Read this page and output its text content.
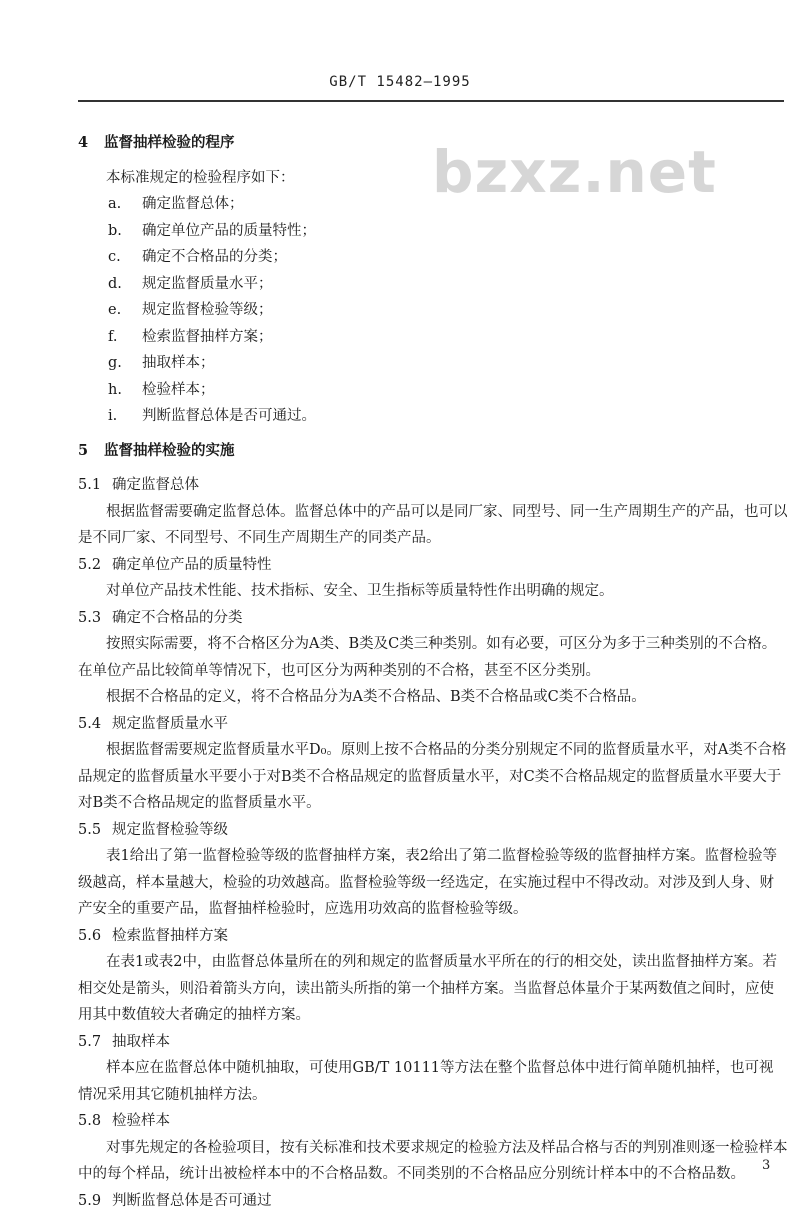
GB/T 15482—1995
bzxz.net

4 监督抽样检验的程序

本标准规定的检验程序如下：

a. 确定监督总体；
b. 确定单位产品的质量特性；
c. 确定不合格品的分类；
d. 规定监督质量水平；
e. 规定监督检验等级；
f. 检索监督抽样方案；
g. 抽取样本；
h. 检验样本；
i. 判断监督总体是否可通过。

5 监督抽样检验的实施

5.1 确定监督总体

根据监督需要确定监督总体。监督总体中的产品可以是同厂家、同型号、同一生产周期生产的产品，也可以是不同厂家、不同型号、不同生产周期生产的同类产品。

5.2 确定单位产品的质量特性

对单位产品技术性能、技术指标、安全、卫生指标等质量特性作出明确的规定。

5.3 确定不合格品的分类

按照实际需要，将不合格区分为A类、B类及C类三种类别。如有必要，可区分为多于三种类别的不合格。在单位产品比较简单等情况下，也可区分为两种类别的不合格，甚至不区分类别。

根据不合格品的定义，将不合格品分为A类不合格品、B类不合格品或C类不合格品。

5.4 规定监督质量水平

根据监督需要规定监督质量水平D₀。原则上按不合格品的分类分别规定不同的监督质量水平，对A类不合格品规定的监督质量水平要小于对B类不合格品规定的监督质量水平，对C类不合格品规定的监督质量水平要大于对B类不合格品规定的监督质量水平。

5.5 规定监督检验等级

表1给出了第一监督检验等级的监督抽样方案，表2给出了第二监督检验等级的监督抽样方案。监督检验等级越高，样本量越大，检验的功效越高。监督检验等级一经选定，在实施过程中不得改动。对涉及到人身、财产安全的重要产品，监督抽样检验时，应选用功效高的监督检验等级。

5.6 检索监督抽样方案

在表1或表2中，由监督总体量所在的列和规定的监督质量水平所在的行的相交处，读出监督抽样方案。若相交处是箭头，则沿着箭头方向，读出箭头所指的第一个抽样方案。当监督总体量介于某两数值之间时，应使用其中数值较大者确定的抽样方案。

5.7 抽取样本

样本应在监督总体中随机抽取，可使用GB/T 10111等方法在整个监督总体中进行简单随机抽样，也可视情况采用其它随机抽样方法。

5.8 检验样本

对事先规定的各检验项目，按有关标准和技术要求规定的检验方法及样品合格与否的判别准则逐一检验样本中的每个样品，统计出被检样本中的不合格品数。不同类别的不合格品应分别统计样本中的不合格品数。

5.9 判断监督总体是否可通过

3
